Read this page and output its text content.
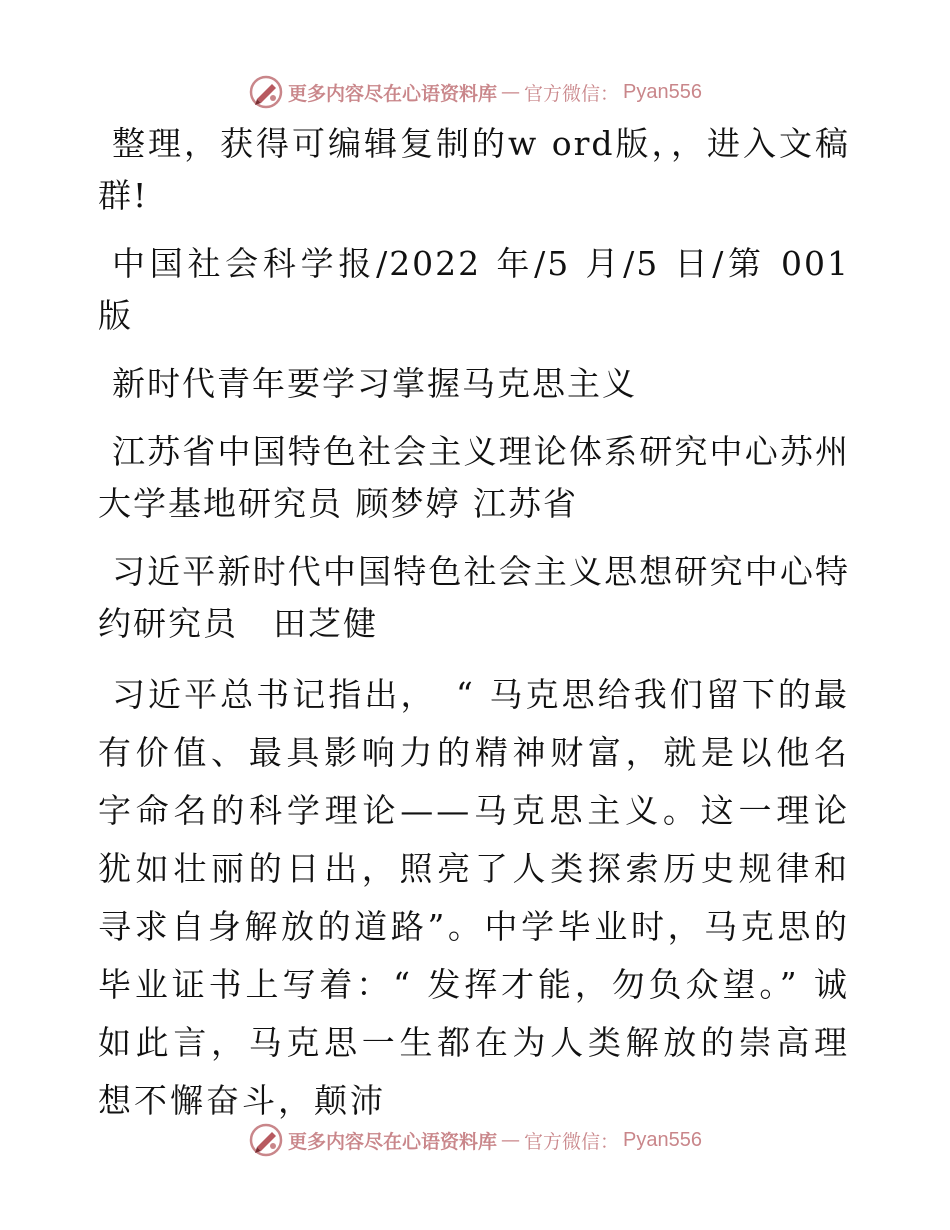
更多内容尽在心语资料库 — 官方微信： Pyan556

整理，获得可编辑复制的w ord版，，进入文稿群!

中国社会科学报/2022 年/5 月/5 日/第 001 版

新时代青年要学习掌握马克思主义

江苏省中国特色社会主义理论体系研究中心苏州大学基地研究员 顾梦婷 江苏省

习近平新时代中国特色社会主义思想研究中心特约研究员　田芝健

习近平总书记指出，　“ 马克思给我们留下的最有价值、最具影响力的精神财富，就是以他名字命名的科学理论——马克思主义。这一理论犹如壮丽的日出，照亮了人类探索历史规律和寻求自身解放的道路”。中学毕业时，马克思的毕业证书上写着：“ 发挥才能，勿负众望。” 诚如此言，马克思一生都在为人类解放的崇高理想不懈奋斗，颠沛

更多内容尽在心语资料库 — 官方微信： Pyan556
